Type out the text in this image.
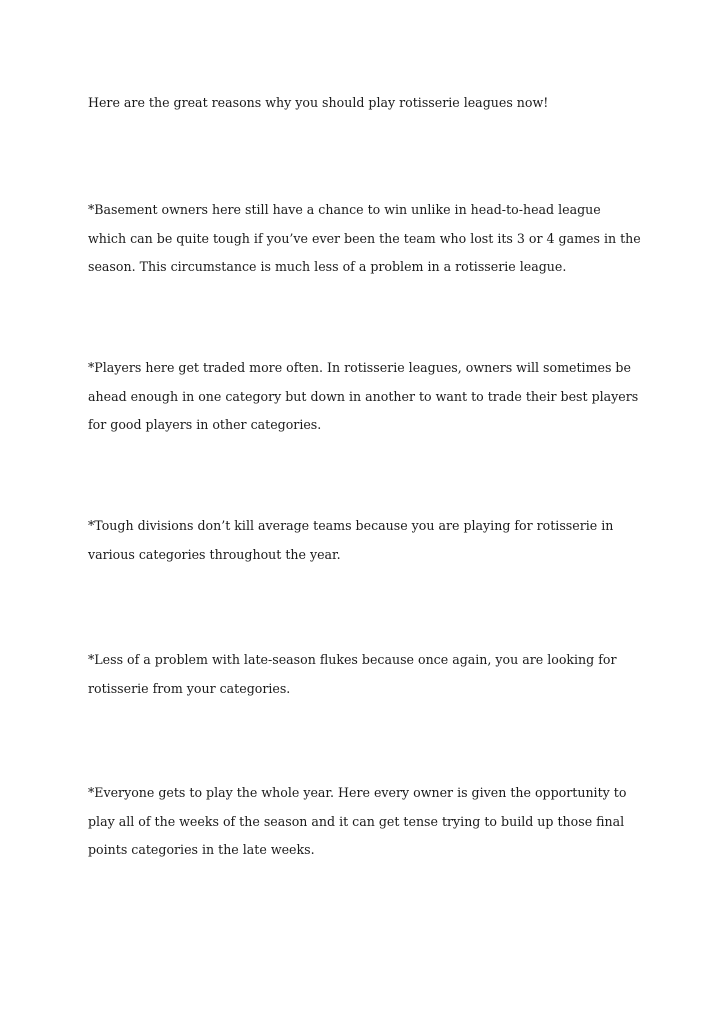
Here are the great reasons why you should play rotisserie leagues now!

*Basement owners here still have a chance to win unlike in head-to-head league
which can be quite tough if you’ve ever been the team who lost its 3 or 4 games in the
season. This circumstance is much less of a problem in a rotisserie league.

*Players here get traded more often. In rotisserie leagues, owners will sometimes be
ahead enough in one category but down in another to want to trade their best players
for good players in other categories.

*Tough divisions don’t kill average teams because you are playing for rotisserie in
various categories throughout the year.

*Less of a problem with late-season flukes because once again, you are looking for
rotisserie from your categories.

*Everyone gets to play the whole year. Here every owner is given the opportunity to
play all of the weeks of the season and it can get tense trying to build up those final
points categories in the late weeks.
